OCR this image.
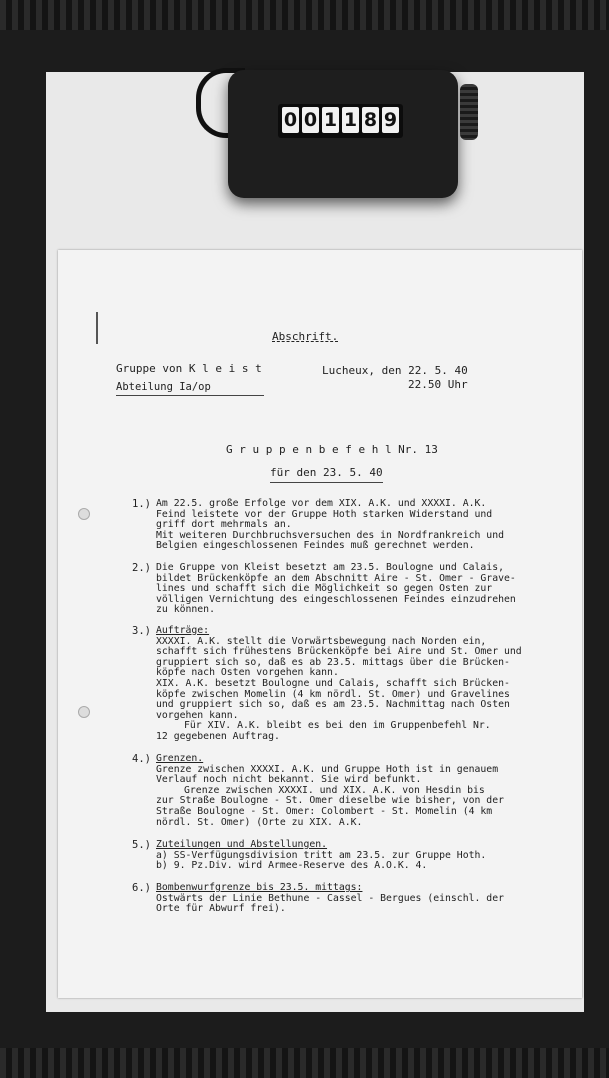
0 0 1 1 8 9
Abschrift.
Gruppe von K l e i s t
Abteilung Ia/op
Lucheux, den 22. 5. 40
22.50 Uhr
G r u p p e n b e f e h l Nr. 13
für den 23. 5. 40
1.) Am 22.5. große Erfolge vor dem XIX. A.K. und XXXXI. A.K.
Feind leistete vor der Gruppe Hoth starken Widerstand und
griff dort mehrmals an.
Mit weiteren Durchbruchsversuchen des in Nordfrankreich und
Belgien eingeschlossenen Feindes muß gerechnet werden.
2.) Die Gruppe von Kleist besetzt am 23.5. Boulogne und Calais,
bildet Brückenköpfe an dem Abschnitt Aire - St. Omer - Grave-
lines und schafft sich die Möglichkeit so gegen Osten zur
völligen Vernichtung des eingeschlossenen Feindes einzudrehen
zu können.
3.) Aufträge:
XXXXI. A.K. stellt die Vorwärtsbewegung nach Norden ein,
schafft sich frühestens Brückenköpfe bei Aire und St. Omer und
gruppiert sich so, daß es ab 23.5. mittags über die Brücken-
köpfe nach Osten vorgehen kann.
XIX. A.K. besetzt Boulogne und Calais, schafft sich Brücken-
köpfe zwischen Momelin (4 km nördl. St. Omer) und Gravelines
und gruppiert sich so, daß es am 23.5. Nachmittag nach Osten
vorgehen kann.
Für XIV. A.K. bleibt es bei den im Gruppenbefehl Nr.
12 gegebenen Auftrag.
4.) Grenzen.
Grenze zwischen XXXXI. A.K. und Gruppe Hoth ist in genauem
Verlauf noch nicht bekannt. Sie wird befunkt.
Grenze zwischen XXXXI. und XIX. A.K. von Hesdin bis
zur Straße Boulogne - St. Omer dieselbe wie bisher, von der
Straße Boulogne - St. Omer: Colombert - St. Momelin (4 km
nördl. St. Omer) (Orte zu XIX. A.K.
5.) Zuteilungen und Abstellungen.
a) SS-Verfügungsdivision tritt am 23.5. zur Gruppe Hoth.
b) 9. Pz.Div. wird Armee-Reserve des A.O.K. 4.
6.) Bombenwurfgrenze bis 23.5. mittags:
Ostwärts der Linie Bethune - Cassel - Bergues (einschl. der
Orte für Abwurf frei).
